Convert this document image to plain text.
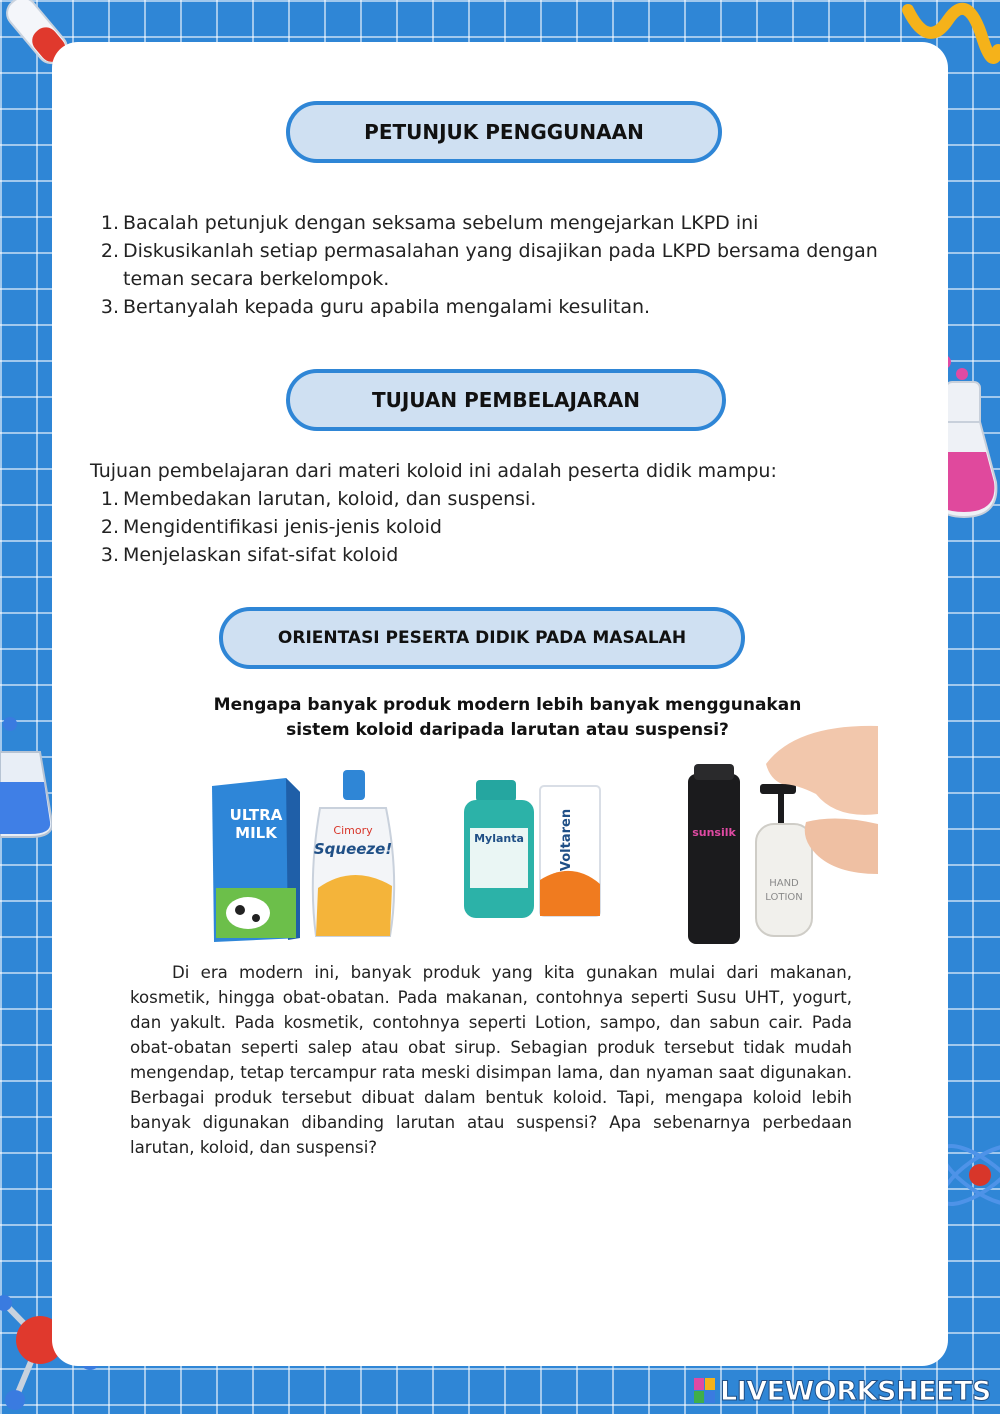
PETUNJUK PENGGUNAAN
1. Bacalah petunjuk dengan seksama sebelum mengejarkan LKPD ini
2. Diskusikanlah setiap permasalahan yang disajikan pada LKPD bersama dengan teman secara berkelompok.
3. Bertanyalah kepada guru apabila mengalami kesulitan.
TUJUAN PEMBELAJARAN
Tujuan pembelajaran dari materi koloid ini adalah peserta didik mampu:
1. Membedakan larutan, koloid, dan suspensi.
2. Mengidentifikasi jenis-jenis koloid
3. Menjelaskan sifat-sifat koloid
ORIENTASI PESERTA DIDIK PADA MASALAH
Mengapa banyak produk modern lebih banyak menggunakan sistem koloid daripada larutan atau suspensi?
ULTRA
MILK	Cimory
Squeeze!
Mylanta	Voltaren	sunsilk
HAND
LOTION
Di era modern ini, banyak produk yang kita gunakan mulai dari makanan, kosmetik, hingga obat-obatan. Pada makanan, contohnya seperti Susu UHT, yogurt, dan yakult. Pada kosmetik, contohnya seperti Lotion, sampo, dan sabun cair. Pada obat-obatan seperti salep atau obat sirup. Sebagian produk tersebut tidak mudah mengendap, tetap tercampur rata meski disimpan lama, dan nyaman saat digunakan. Berbagai produk tersebut dibuat dalam bentuk koloid. Tapi, mengapa koloid lebih banyak digunakan dibanding larutan atau suspensi? Apa sebenarnya perbedaan larutan, koloid, dan suspensi?
LIVEWORKSHEETS
